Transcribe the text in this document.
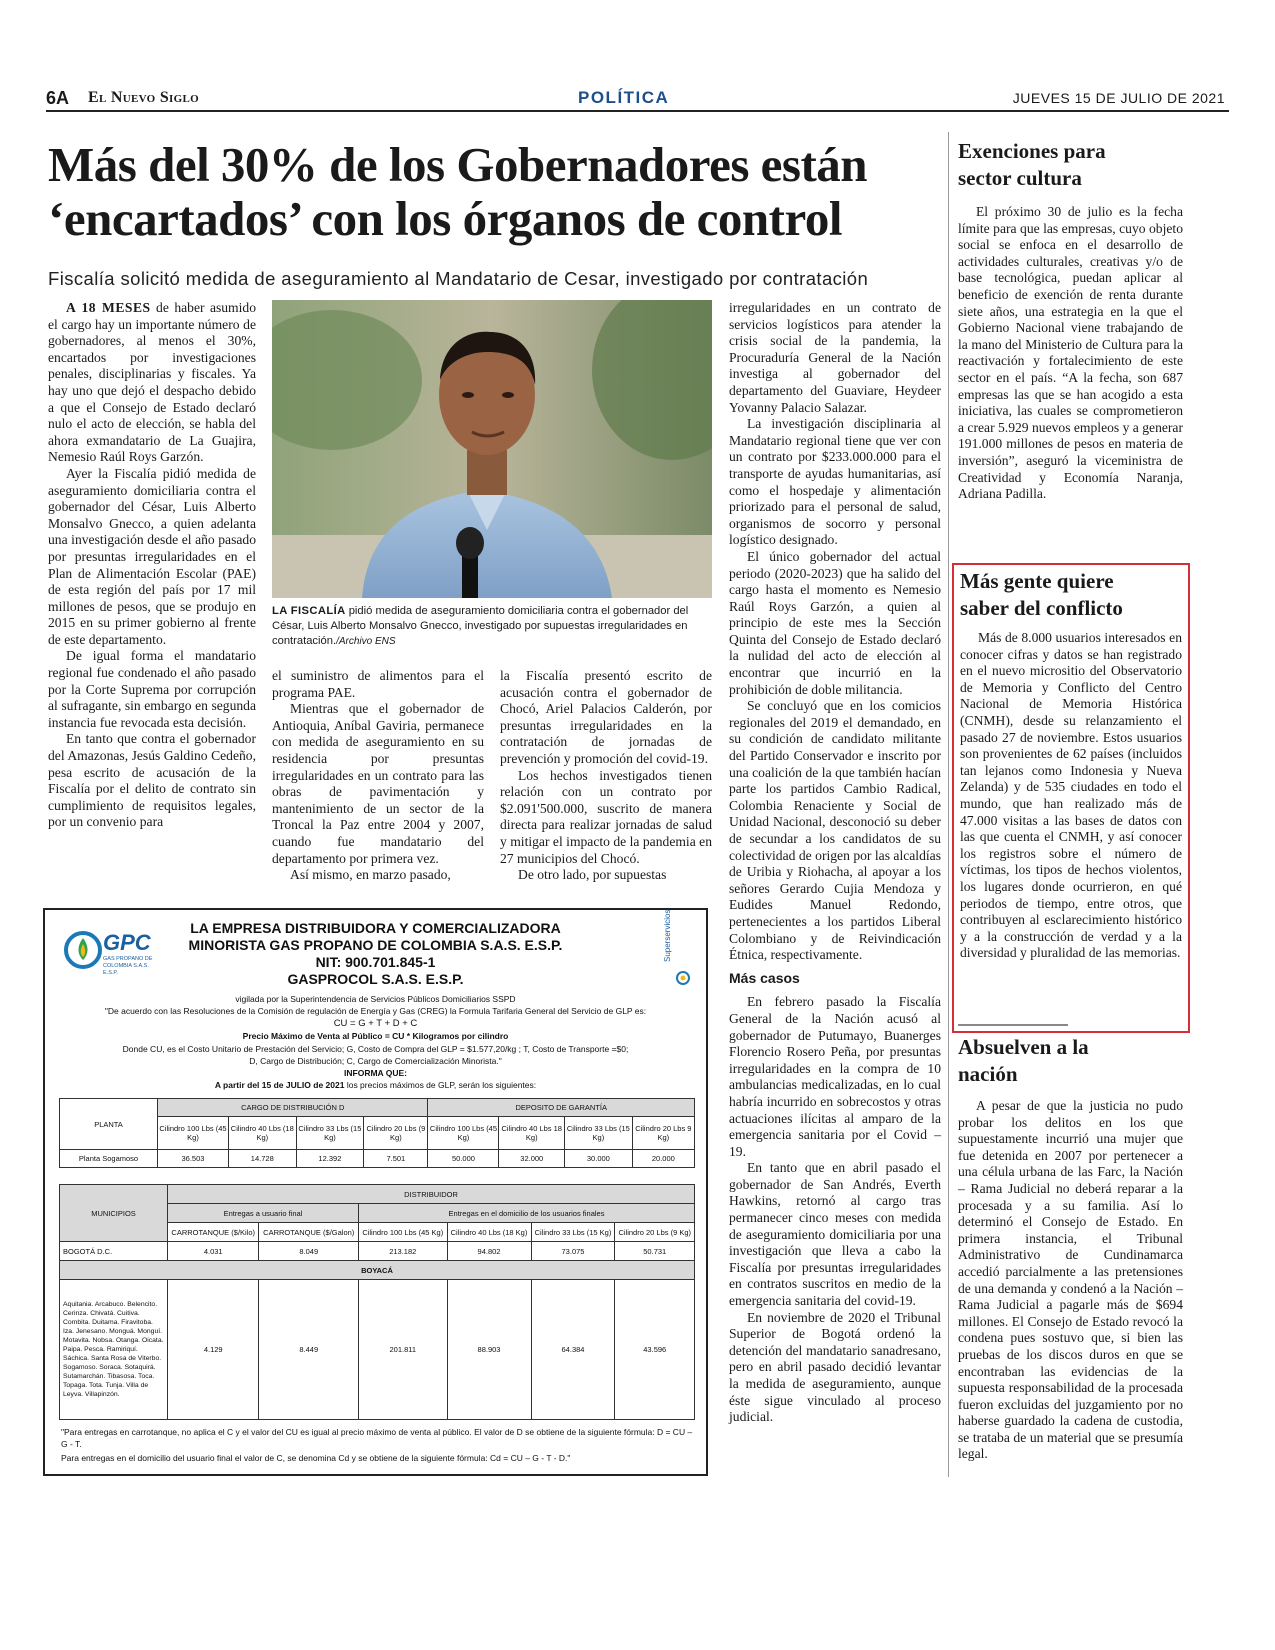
6A El Nuevo Siglo	POLÍTICA	JUEVES 15 DE JULIO DE 2021
Más del 30% de los Gobernadores están
‘encartados’ con los órganos de control
Fiscalía solicitó medida de aseguramiento al Mandatario de Cesar, investigado por contratación

A 18 MESES de haber asumido el cargo hay un importante número de gobernadores, al menos el 30%, encartados por investigaciones penales, disciplinarias y fiscales. Ya hay uno que dejó el despacho debido a que el Consejo de Estado declaró nulo el acto de elección, se habla del ahora exmandatario de La Guajira, Nemesio Raúl Roys Garzón.

Ayer la Fiscalía pidió medida de aseguramiento domiciliaria contra el gobernador del César, Luis Alberto Monsalvo Gnecco, a quien adelanta una investigación desde el año pasado por presuntas irregularidades en el Plan de Alimentación Escolar (PAE) de esta región del país por 17 mil millones de pesos, que se produjo en 2015 en su primer gobierno al frente de este departamento.

De igual forma el mandatario regional fue condenado el año pasado por la Corte Suprema por corrupción al sufragante, sin embargo en segunda instancia fue revocada esta decisión.

En tanto que contra el gobernador del Amazonas, Jesús Galdino Cedeño, pesa escrito de acusación de la Fiscalía por el delito de contrato sin cumplimiento de requisitos legales, por un convenio para

LA FISCALÍA pidió medida de aseguramiento domiciliaria contra el gobernador del César, Luis Alberto Monsalvo Gnecco, investigado por supuestas irregularidades en contratación./Archivo ENS

el suministro de alimentos para el programa PAE.

Mientras que el gobernador de Antioquia, Aníbal Gaviria, permanece con medida de aseguramiento en su residencia por presuntas irregularidades en un contrato para las obras de pavimentación y mantenimiento de un sector de la Troncal la Paz entre 2004 y 2007, cuando fue mandatario del departamento por primera vez.

Así mismo, en marzo pasado,

la Fiscalía presentó escrito de acusación contra el gobernador de Chocó, Ariel Palacios Calderón, por presuntas irregularidades en la contratación de jornadas de prevención y promoción del covid-19.

Los hechos investigados tienen relación con un contrato por $2.091'500.000, suscrito de manera directa para realizar jornadas de salud y mitigar el impacto de la pandemia en 27 municipios del Chocó.

De otro lado, por supuestas

irregularidades en un contrato de servicios logísticos para atender la crisis social de la pandemia, la Procuraduría General de la Nación investiga al gobernador del departamento del Guaviare, Heydeer Yovanny Palacio Salazar.

La investigación disciplinaria al Mandatario regional tiene que ver con un contrato por $233.000.000 para el transporte de ayudas humanitarias, así como el hospedaje y alimentación priorizado para el personal de salud, organismos de socorro y personal logístico designado.

El único gobernador del actual periodo (2020-2023) que ha salido del cargo hasta el momento es Nemesio Raúl Roys Garzón, a quien al principio de este mes la Sección Quinta del Consejo de Estado declaró la nulidad del acto de elección al encontrar que incurrió en la prohibición de doble militancia.

Se concluyó que en los comicios regionales del 2019 el demandado, en su condición de candidato militante del Partido Conservador e inscrito por una coalición de la que también hacían parte los partidos Cambio Radical, Colombia Renaciente y Social de Unidad Nacional, desconoció su deber de secundar a los candidatos de su colectividad de origen por las alcaldías de Uribia y Riohacha, al apoyar a los señores Gerardo Cujia Mendoza y Eudides Manuel Redondo, pertenecientes a los partidos Liberal Colombiano y de Reivindicación Étnica, respectivamente.

Más casos

En febrero pasado la Fiscalía General de la Nación acusó al gobernador de Putumayo, Buanerges Florencio Rosero Peña, por presuntas irregularidades en la compra de 10 ambulancias medicalizadas, en lo cual habría incurrido en sobrecostos y otras actuaciones ilícitas al amparo de la emergencia sanitaria por el Covid – 19.

En tanto que en abril pasado el gobernador de San Andrés, Everth Hawkins, retornó al cargo tras permanecer cinco meses con medida de aseguramiento domiciliaria por una investigación que lleva a cabo la Fiscalía por presuntas irregularidades en contratos suscritos en medio de la emergencia sanitaria del covid-19.

En noviembre de 2020 el Tribunal Superior de Bogotá ordenó la detención del mandatario sanadresano, pero en abril pasado decidió levantar la medida de aseguramiento, aunque éste sigue vinculado al proceso judicial.

Exenciones para sector cultura

El próximo 30 de julio es la fecha límite para que las empresas, cuyo objeto social se enfoca en el desarrollo de actividades culturales, creativas y/o de base tecnológica, puedan aplicar al beneficio de exención de renta durante siete años, una estrategia en la que el Gobierno Nacional viene trabajando de la mano del Ministerio de Cultura para la reactivación y fortalecimiento de este sector en el país. “A la fecha, son 687 empresas las que se han acogido a esta iniciativa, las cuales se comprometieron a crear 5.929 nuevos empleos y a generar 191.000 millones de pesos en materia de inversión”, aseguró la viceministra de Creatividad y Economía Naranja, Adriana Padilla.

Más gente quiere saber del conflicto

Más de 8.000 usuarios interesados en conocer cifras y datos se han registrado en el nuevo micrositio del Observatorio de Memoria y Conflicto del Centro Nacional de Memoria Histórica (CNMH), desde su relanzamiento el pasado 27 de noviembre. Estos usuarios son provenientes de 62 países (incluidos tan lejanos como Indonesia y Nueva Zelanda) y de 535 ciudades en todo el mundo, que han realizado más de 47.000 visitas a las bases de datos con las que cuenta el CNMH, y así conocer los registros sobre el número de víctimas, los tipos de hechos violentos, los lugares donde ocurrieron, en qué periodos de tiempo, entre otros, que contribuyen al esclarecimiento histórico y a la construcción de verdad y a la diversidad y pluralidad de las memorias.

Absuelven a la nación

A pesar de que la justicia no pudo probar los delitos en los que supuestamente incurrió una mujer que fue detenida en 2007 por pertenecer a una célula urbana de las Farc, la Nación – Rama Judicial no deberá reparar a la procesada y a su familia. Así lo determinó el Consejo de Estado. En primera instancia, el Tribunal Administrativo de Cundinamarca accedió parcialmente a las pretensiones de una demanda y condenó a la Nación – Rama Judicial a pagarle más de $694 millones. El Consejo de Estado revocó la condena pues sostuvo que, si bien las pruebas de los discos duros en que se encontraban las evidencias de la supuesta responsabilidad de la procesada fueron excluidas del juzgamiento por no haberse guardado la cadena de custodia, se trataba de un material que se presumía legal.

GPC
GAS PROPANO DE COLOMBIA S.A.S. E.S.P.
Superservicios
LA EMPRESA DISTRIBUIDORA Y COMERCIALIZADORA
MINORISTA GAS PROPANO DE COLOMBIA S.A.S. E.S.P.
NIT: 900.701.845-1
GASPROCOL S.A.S. E.S.P.
vigilada por la Superintendencia de Servicios Públicos Domiciliarios SSPD
"De acuerdo con las Resoluciones de la Comisión de regulación de Energía y Gas (CREG) la Formula Tarifaria General del Servicio de GLP es:
CU = G + T + D + C
Precio Máximo de Venta al Público = CU * Kilogramos por cilindro
Donde CU, es el Costo Unitario de Prestación del Servicio; G, Costo de Compra del GLP = $1.577,20/kg ; T, Costo de Transporte =$0;
D, Cargo de Distribución; C, Cargo de Comercialización Minorista."
INFORMA QUE:
A partir del 15 de JULIO de 2021 los precios máximos de GLP, serán los siguientes:
PLANTA	CARGO DE DISTRIBUCIÓN D				DEPOSITO DE GARANTÍA			
	Cilindro 100 Lbs (45 Kg)	Cilindro 40 Lbs (18 Kg)	Cilindro 33 Lbs (15 Kg)	Cilindro 20 Lbs (9 Kg)	Cilindro 100 Lbs (45 Kg)	Cilindro 40 Lbs 18 Kg)	Cilindro 33 Lbs (15 Kg)	Cilindro 20 Lbs 9 Kg)
Planta Sogamoso	36.503	14.728	12.392	7.501	50.000	32.000	30.000	20.000
MUNICIPIOS	DISTRIBUIDOR					
	Entregas a usuario final		Entregas en el domicilio de los usuarios finales			
	CARROTANQUE ($/Kilo)	CARROTANQUE ($/Galon)	Cilindro 100 Lbs (45 Kg)	Cilindro 40 Lbs (18 Kg)	Cilindro 33 Lbs (15 Kg)	Cilindro 20 Lbs (9 Kg)
BOGOTÁ D.C.	4.031	8.049	213.182	94.802	73.075	50.731
BOYACÁ						
Aquitania. Arcabuco. Belencito. Cerinza. Chivatá. Cuitiva. Combita. Duitama. Firavitoba. Iza. Jenesano. Monguá. Monguí. Motavita. Nobsa. Otanga. Oicata. Paipa. Pesca. Ramiriquí. Sáchica. Santa Rosa de Viterbo. Sogamoso. Soraca. Sotaquirá. Sutamarchán. Tibasosa. Toca. Topaga. Tota. Tunja. Villa de Leyva. Villapinzón.	4.129	8.449	201.811	88.903	64.384	43.596
"Para entregas en carrotanque, no aplica el C y el valor del CU es igual al precio máximo de venta al público. El valor de D se obtiene de la siguiente fórmula: D = CU – G - T.
Para entregas en el domicilio del usuario final el valor de C, se denomina Cd y se obtiene de la siguiente fórmula: Cd = CU – G - T - D."
